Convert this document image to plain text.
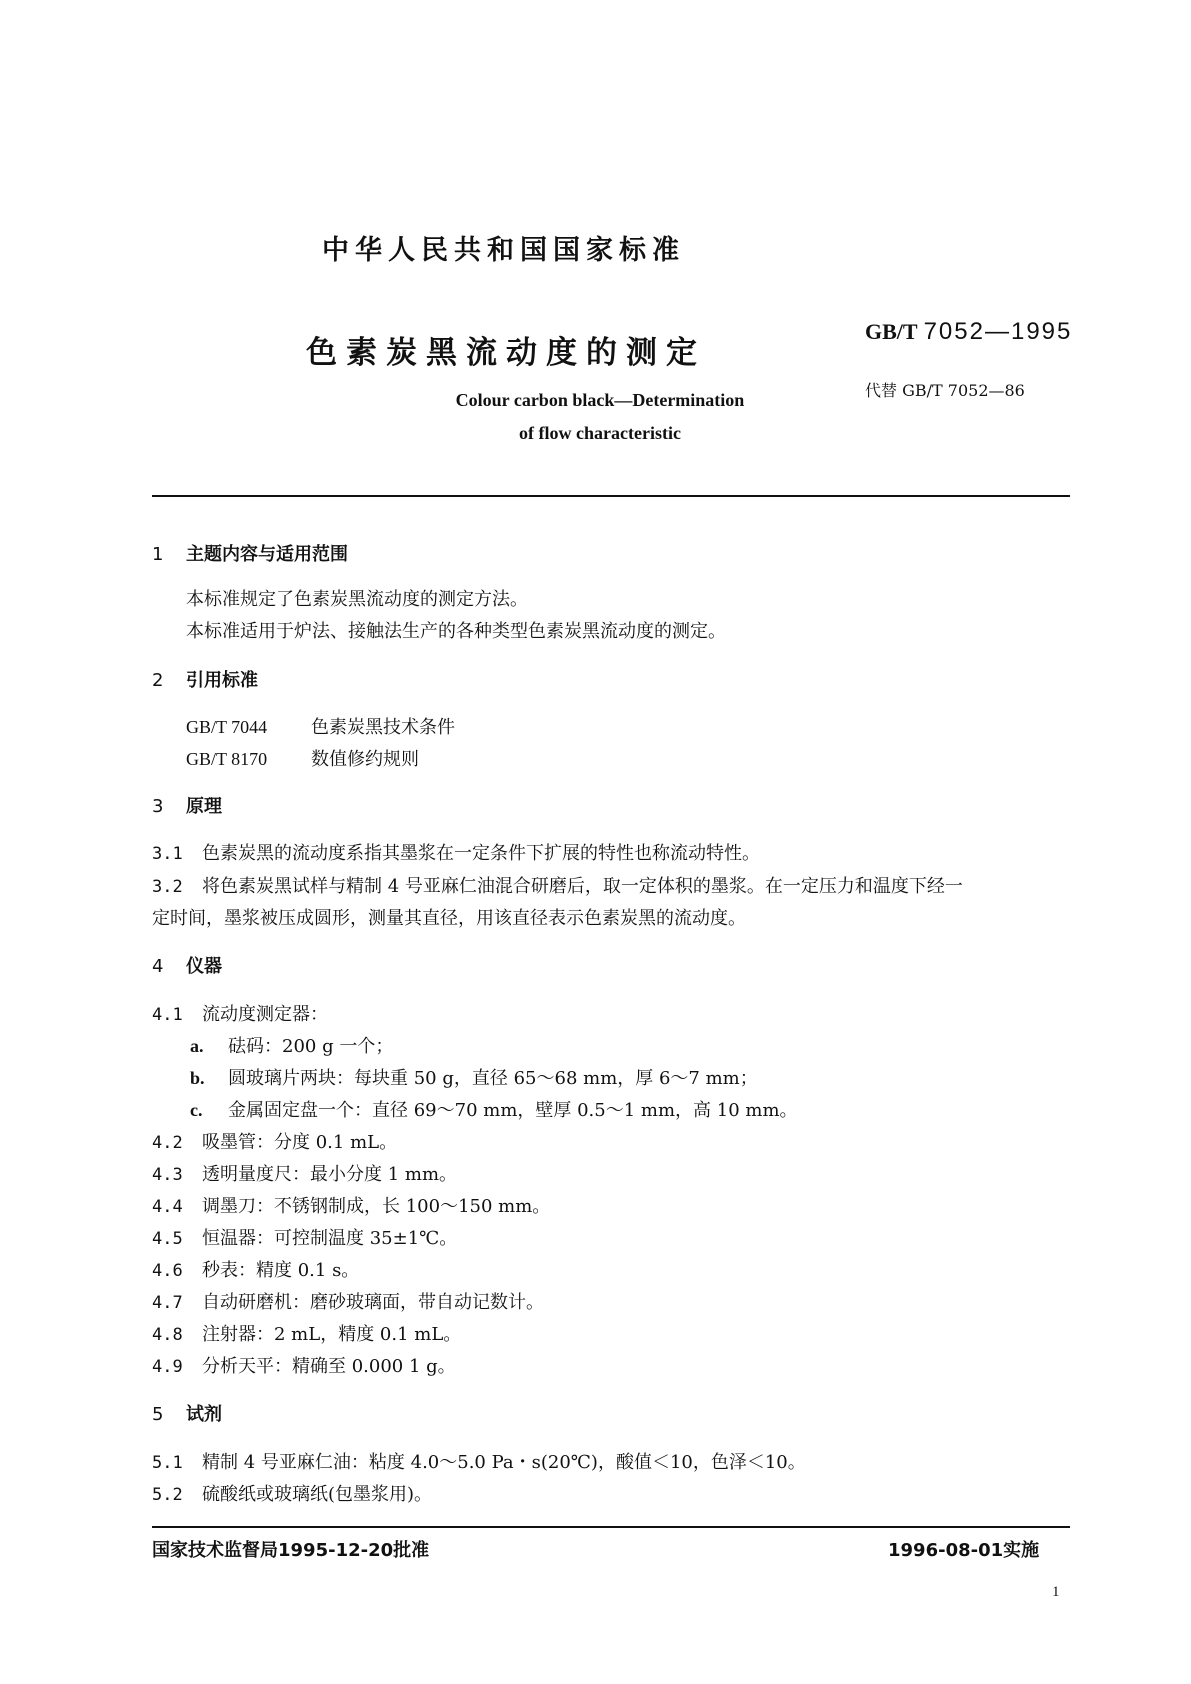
中华人民共和国国家标准
色素炭黑流动度的测定
GB/T 7052—1995
代替 GB/T 7052—86
Colour carbon black—Determination
of flow characteristic
1 主题内容与适用范围
本标准规定了色素炭黑流动度的测定方法。
本标准适用于炉法、接触法生产的各种类型色素炭黑流动度的测定。
2 引用标准
GB/T 7044 色素炭黑技术条件
GB/T 8170 数值修约规则
3 原理
3.1 色素炭黑的流动度系指其墨浆在一定条件下扩展的特性也称流动特性。
3.2 将色素炭黑试样与精制 4 号亚麻仁油混合研磨后，取一定体积的墨浆。在一定压力和温度下经一
定时间，墨浆被压成圆形，测量其直径，用该直径表示色素炭黑的流动度。
4 仪器
4.1 流动度测定器：
a. 砝码：200 g 一个；
b. 圆玻璃片两块：每块重 50 g，直径 65～68 mm，厚 6～7 mm；
c. 金属固定盘一个：直径 69～70 mm，壁厚 0.5～1 mm，高 10 mm。
4.2 吸墨管：分度 0.1 mL。
4.3 透明量度尺：最小分度 1 mm。
4.4 调墨刀：不锈钢制成，长 100～150 mm。
4.5 恒温器：可控制温度 35±1℃。
4.6 秒表：精度 0.1 s。
4.7 自动研磨机：磨砂玻璃面，带自动记数计。
4.8 注射器：2 mL，精度 0.1 mL。
4.9 分析天平：精确至 0.000 1 g。
5 试剂
5.1 精制 4 号亚麻仁油：粘度 4.0～5.0 Pa・s(20℃)，酸值＜10，色泽＜10。
5.2 硫酸纸或玻璃纸(包墨浆用)。
国家技术监督局1995-12-20批准	1996-08-01实施
1
